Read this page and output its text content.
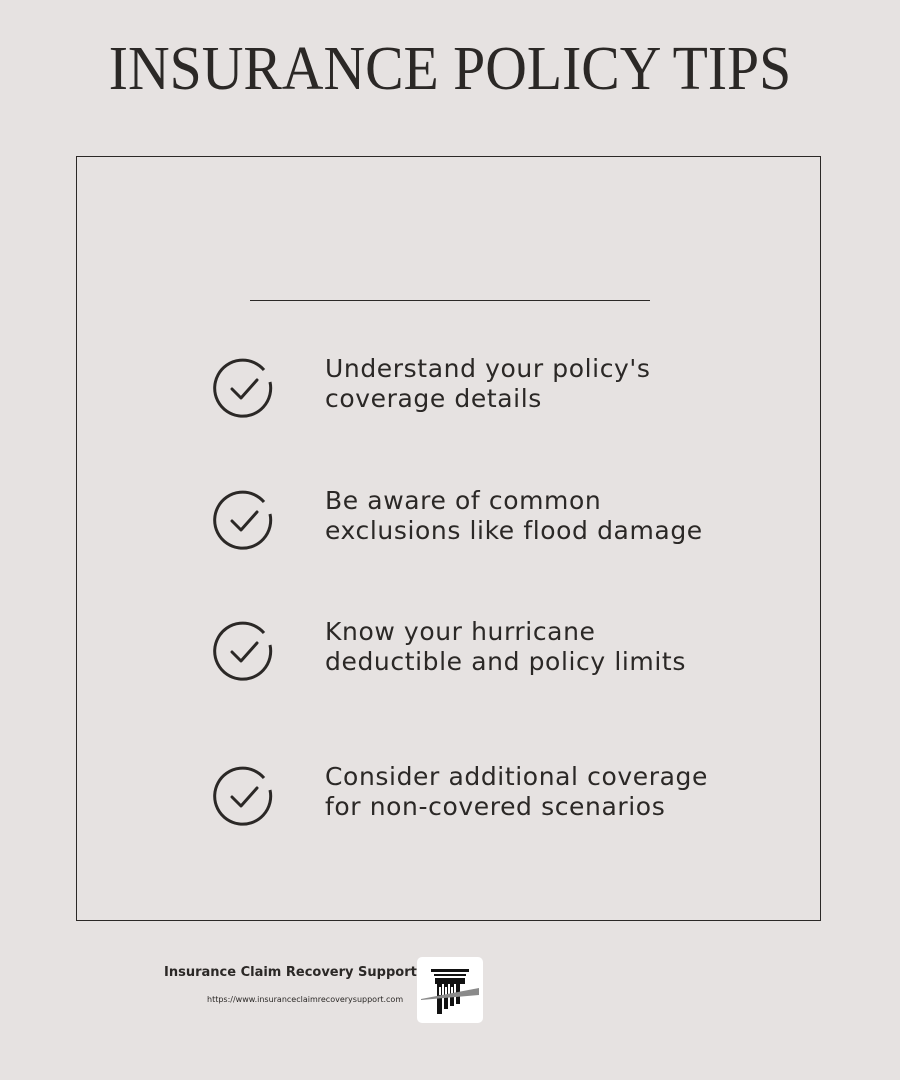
INSURANCE POLICY TIPS
Understand your policy's
coverage details
Be aware of common
exclusions like flood damage
Know your hurricane
deductible and policy limits
Consider additional coverage
for non-covered scenarios
Insurance Claim Recovery Support
https://www.insuranceclaimrecoverysupport.com
